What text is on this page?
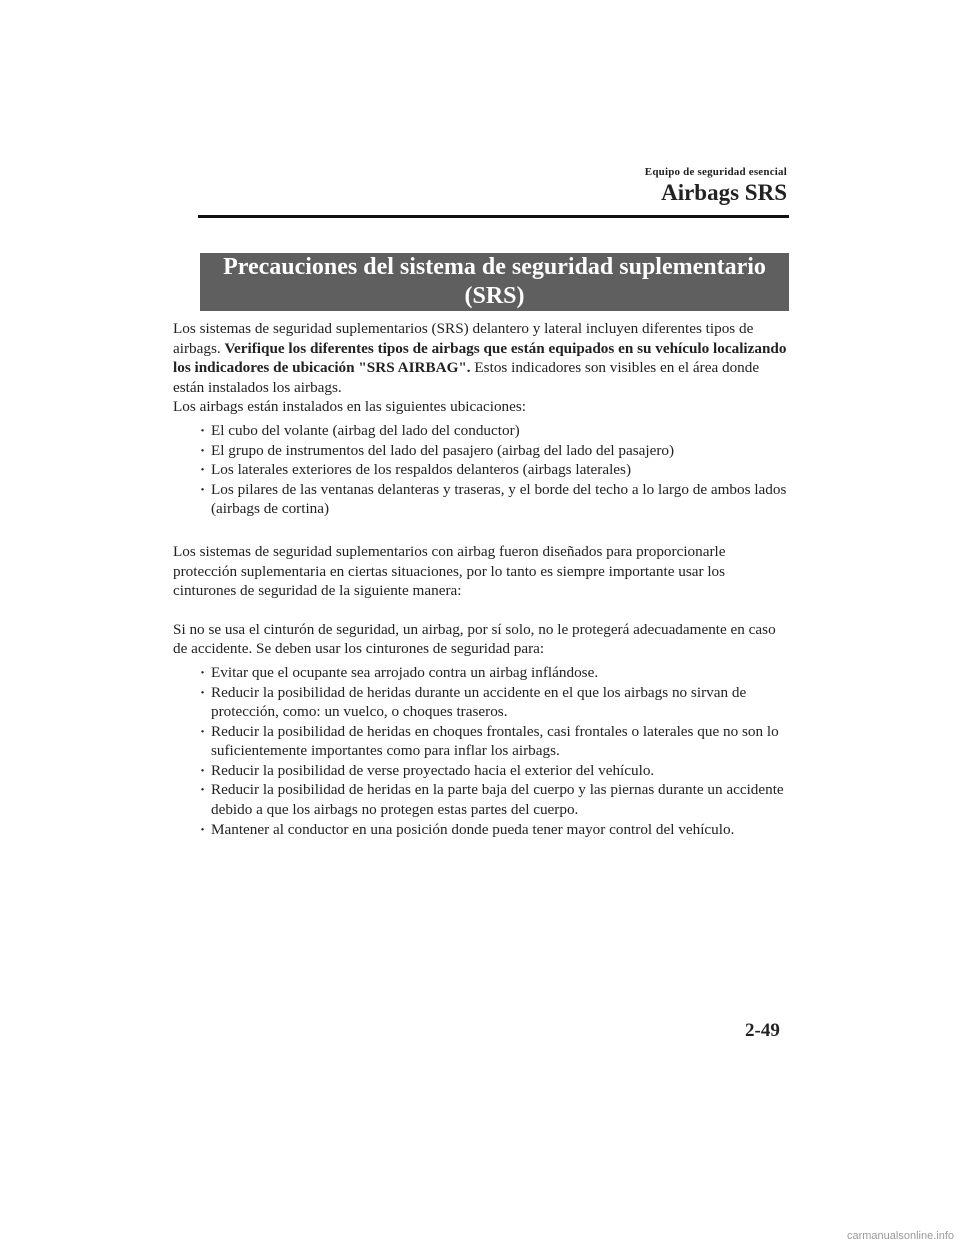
Equipo de seguridad esencial
Airbags SRS
Precauciones del sistema de seguridad suplementario
(SRS)

Los sistemas de seguridad suplementarios (SRS) delantero y lateral incluyen diferentes tipos de airbags. Verifique los diferentes tipos de airbags que están equipados en su vehículo localizando los indicadores de ubicación "SRS AIRBAG". Estos indicadores son visibles en el área donde están instalados los airbags.

Los airbags están instalados en las siguientes ubicaciones:

· El cubo del volante (airbag del lado del conductor)
· El grupo de instrumentos del lado del pasajero (airbag del lado del pasajero)
· Los laterales exteriores de los respaldos delanteros (airbags laterales)
· Los pilares de las ventanas delanteras y traseras, y el borde del techo a lo largo de ambos lados (airbags de cortina)

Los sistemas de seguridad suplementarios con airbag fueron diseñados para proporcionarle protección suplementaria en ciertas situaciones, por lo tanto es siempre importante usar los cinturones de seguridad de la siguiente manera:

Si no se usa el cinturón de seguridad, un airbag, por sí solo, no le protegerá adecuadamente en caso de accidente. Se deben usar los cinturones de seguridad para:

· Evitar que el ocupante sea arrojado contra un airbag inflándose.
· Reducir la posibilidad de heridas durante un accidente en el que los airbags no sirvan de protección, como: un vuelco, o choques traseros.
· Reducir la posibilidad de heridas en choques frontales, casi frontales o laterales que no son lo suficientemente importantes como para inflar los airbags.
· Reducir la posibilidad de verse proyectado hacia el exterior del vehículo.
· Reducir la posibilidad de heridas en la parte baja del cuerpo y las piernas durante un accidente debido a que los airbags no protegen estas partes del cuerpo.
· Mantener al conductor en una posición donde pueda tener mayor control del vehículo.
2-49
carmanualsonline.info
